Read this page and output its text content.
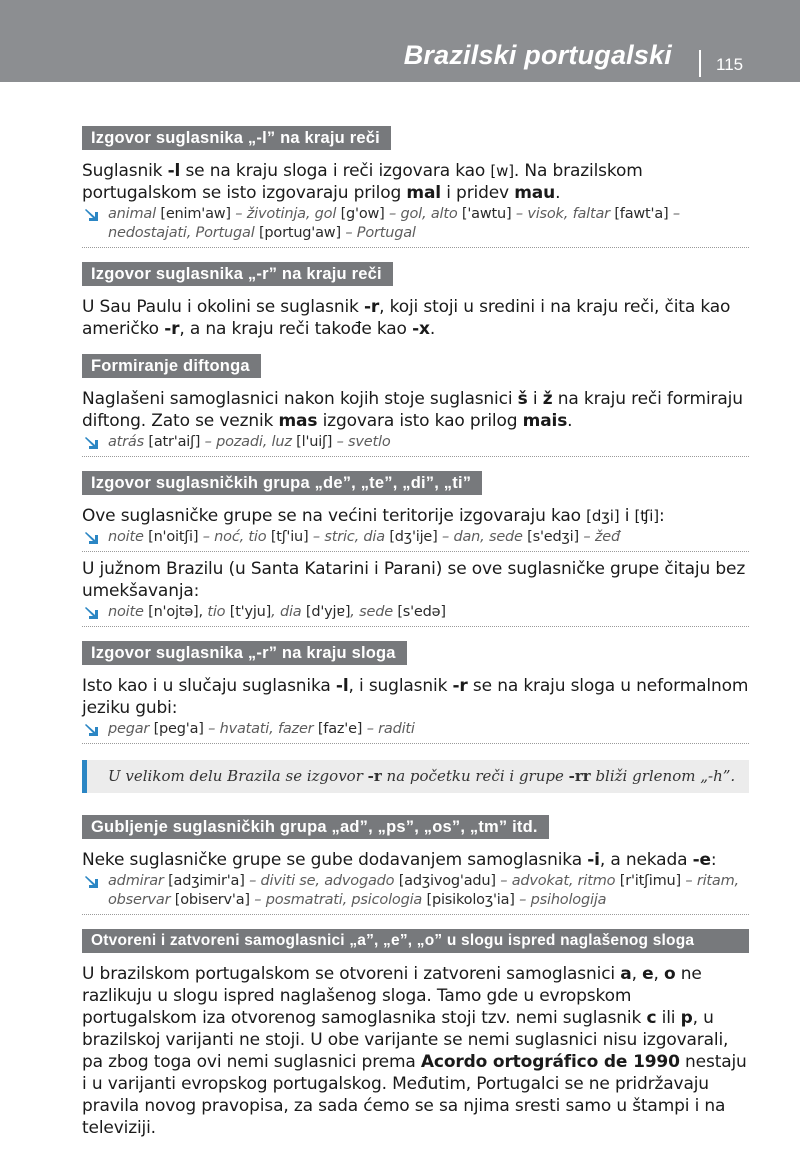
Brazilski portugalski	115
Izgovor suglasnika „-l” na kraju reči
Suglasnik -l se na kraju sloga i reči izgovara kao [w]. Na brazilskom portugalskom se isto izgovaraju prilog mal i pridev mau.
animal [enim'aw] – životinja, gol [g'ow] – gol, alto ['awtu] – visok, faltar [fawt'a] – nedostajati, Portugal [portug'aw] – Portugal
Izgovor suglasnika „-r” na kraju reči
U Sau Paulu i okolini se suglasnik -r, koji stoji u sredini i na kraju reči, čita kao američko -r, a na kraju reči takođe kao -x.
Formiranje diftonga
Naglašeni samoglasnici nakon kojih stoje suglasnici š i ž na kraju reči formiraju diftong. Zato se veznik mas izgovara isto kao prilog mais.
atrás [atr'aiʃ] – pozadi, luz [l'uiʃ] – svetlo
Izgovor suglasničkih grupa „de”, „te”, „di”, „ti”
Ove suglasničke grupe se na većini teritorije izgovaraju kao [dʒi] i [ʧi]:
noite [n'oitʃi] – noć, tio [tʃ'iu] – stric, dia [dʒ'ije] – dan, sede [s'edʒi] – žeđ
U južnom Brazilu (u Santa Katarini i Parani) se ove suglasničke grupe čitaju bez umekšavanja:
noite [n'ojtə], tio [t'yju], dia [d'yjɐ], sede [s'edə]
Izgovor suglasnika „-r” na kraju sloga
Isto kao i u slučaju suglasnika -l, i suglasnik -r se na kraju sloga u neformalnom jeziku gubi:
pegar [peg'a] – hvatati, fazer [faz'e] – raditi
U velikom delu Brazila se izgovor -r na početku reči i grupe -rr bliži grlenom „-h”.
Gubljenje suglasničkih grupa „ad”, „ps”, „os”, „tm” itd.
Neke suglasničke grupe se gube dodavanjem samoglasnika -i, a nekada -e:
admirar [adʒimir'a] – diviti se, advogado [adʒivog'adu] – advokat, ritmo [r'itʃimu] – ritam, observar [obiserv'a] – posmatrati, psicologia [pisikoloʒ'ia] – psihologija
Otvoreni i zatvoreni samoglasnici „a”, „e”, „o” u slogu ispred naglašenog sloga
U brazilskom portugalskom se otvoreni i zatvoreni samoglasnici a, e, o ne razlikuju u slogu ispred naglašenog sloga. Tamo gde u evropskom portugalskom iza otvorenog samoglasnika stoji tzv. nemi suglasnik c ili p, u brazilskoj varijanti ne stoji. U obe varijante se nemi suglasnici nisu izgovarali, pa zbog toga ovi nemi suglasnici prema Acordo ortográfico de 1990 nestaju i u varijanti evropskog portugalskog. Međutim, Portugalci se ne pridržavaju pravila novog pravopisa, za sada ćemo se sa njima sresti samo u štampi i na televiziji.
